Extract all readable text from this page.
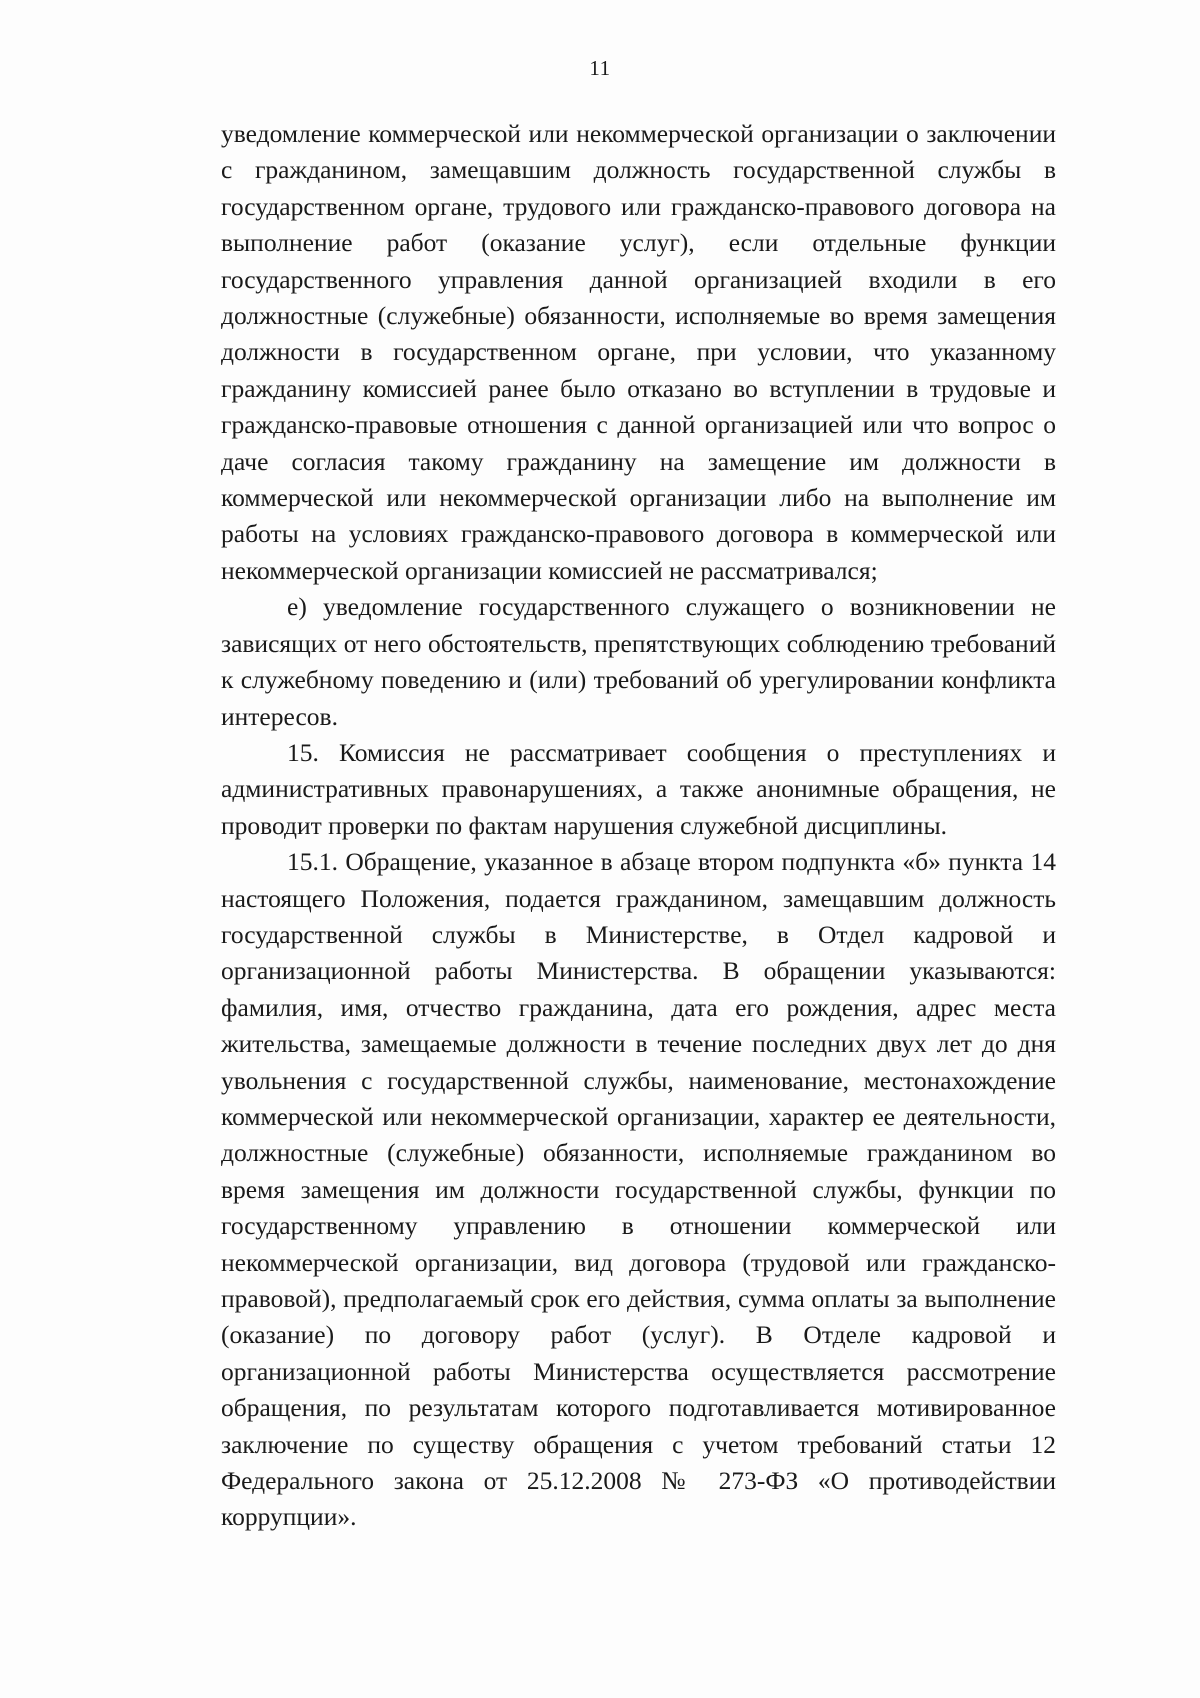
11

уведомление коммерческой или некоммерческой организации о заключении с гражданином, замещавшим должность государственной службы в государственном органе, трудового или гражданско-правового договора на выполнение работ (оказание услуг), если отдельные функции государственного управления данной организацией входили в его должностные (служебные) обязанности, исполняемые во время замещения должности в государственном органе, при условии, что указанному гражданину комиссией ранее было отказано во вступлении в трудовые и гражданско-правовые отношения с данной организацией или что вопрос о даче согласия такому гражданину на замещение им должности в коммерческой или некоммерческой организации либо на выполнение им работы на условиях гражданско-правового договора в коммерческой или некоммерческой организации комиссией не рассматривался;

е) уведомление государственного служащего о возникновении не зависящих от него обстоятельств, препятствующих соблюдению требований к служебному поведению и (или) требований об урегулировании конфликта интересов.

15. Комиссия не рассматривает сообщения о преступлениях и административных правонарушениях, а также анонимные обращения, не проводит проверки по фактам нарушения служебной дисциплины.

15.1. Обращение, указанное в абзаце втором подпункта «б» пункта 14 настоящего Положения, подается гражданином, замещавшим должность государственной службы в Министерстве, в Отдел кадровой и организационной работы Министерства. В обращении указываются: фамилия, имя, отчество гражданина, дата его рождения, адрес места жительства, замещаемые должности в течение последних двух лет до дня увольнения с государственной службы, наименование, местонахождение коммерческой или некоммерческой организации, характер ее деятельности, должностные (служебные) обязанности, исполняемые гражданином во время замещения им должности государственной службы, функции по государственному управлению в отношении коммерческой или некоммерческой организации, вид договора (трудовой или гражданско-правовой), предполагаемый срок его действия, сумма оплаты за выполнение (оказание) по договору работ (услуг). В Отделе кадровой и организационной работы Министерства осуществляется рассмотрение обращения, по результатам которого подготавливается мотивированное заключение по существу обращения с учетом требований статьи 12 Федерального закона от 25.12.2008 № 273-ФЗ «О противодействии коррупции».
